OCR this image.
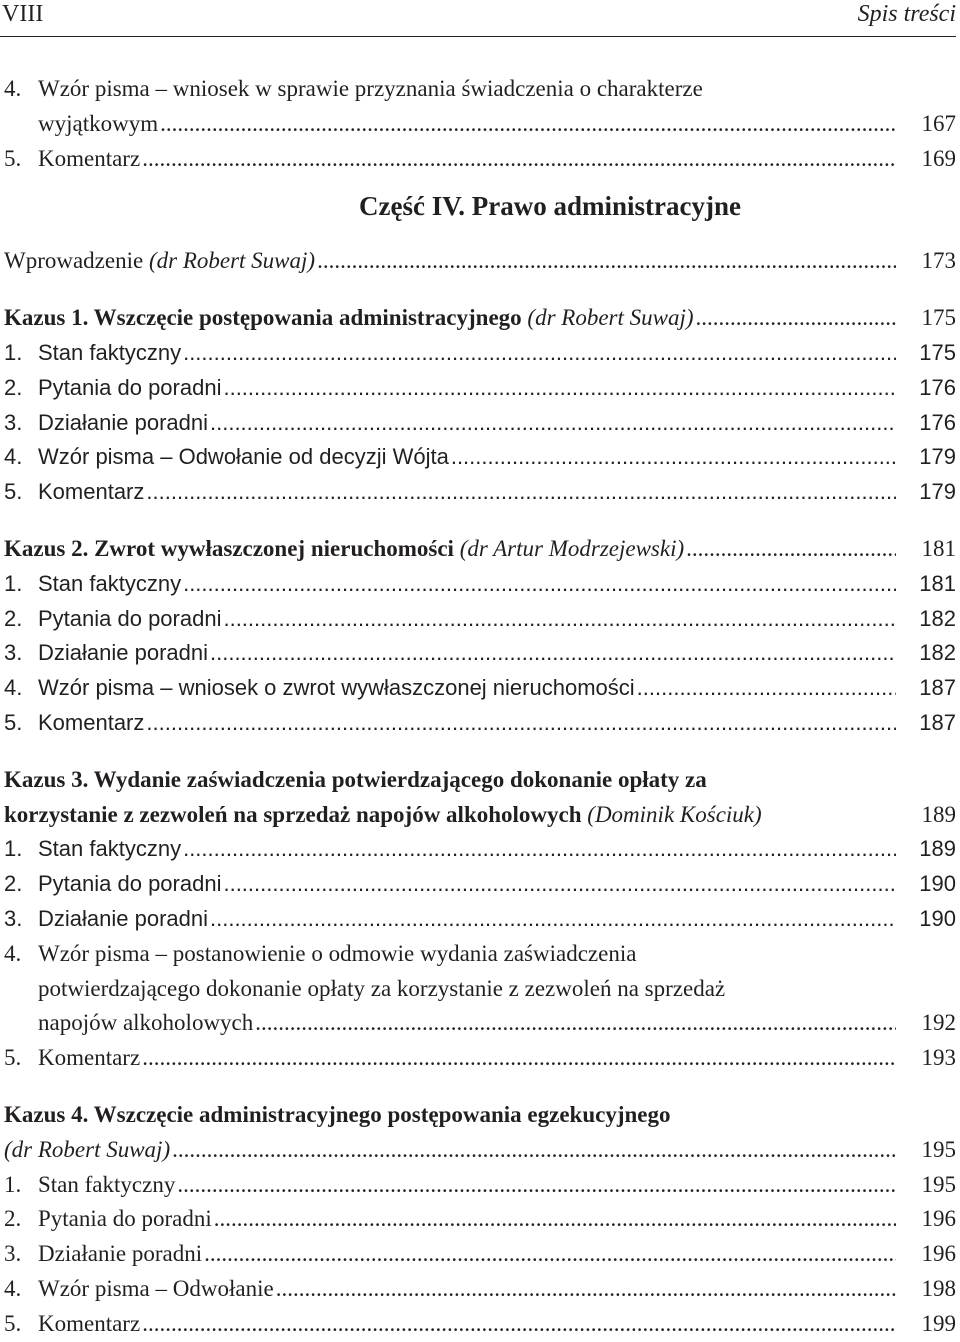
VIII	Spis treści
4. Wzór pisma – wniosek w sprawie przyznania świadczenia o charakterze
wyjątkowym .....	167
5. Komentarz .....	169
Część IV. Prawo administracyjne
Wprowadzenie (dr Robert Suwaj) .....	173
Kazus 1. Wszczęcie postępowania administracyjnego (dr Robert Suwaj) .....	175
1. Stan faktyczny .....	175
2. Pytania do poradni .....	176
3. Działanie poradni .....	176
4. Wzór pisma – Odwołanie od decyzji Wójta .....	179
5. Komentarz .....	179
Kazus 2. Zwrot wywłaszczonej nieruchomości (dr Artur Modrzejewski) .....	181
1. Stan faktyczny .....	181
2. Pytania do poradni .....	182
3. Działanie poradni .....	182
4. Wzór pisma – wniosek o zwrot wywłaszczonej nieruchomości .....	187
5. Komentarz .....	187
Kazus 3. Wydanie zaświadczenia potwierdzającego dokonanie opłaty za
korzystanie z zezwoleń na sprzedaż napojów alkoholowych (Dominik Kościuk)	189
1. Stan faktyczny .....	189
2. Pytania do poradni .....	190
3. Działanie poradni .....	190
4. Wzór pisma – postanowienie o odmowie wydania zaświadczenia
potwierdzającego dokonanie opłaty za korzystanie z zezwoleń na sprzedaż
napojów alkoholowych .....	192
5. Komentarz .....	193
Kazus 4. Wszczęcie administracyjnego postępowania egzekucyjnego
(dr Robert Suwaj) .....	195
1. Stan faktyczny .....	195
2. Pytania do poradni .....	196
3. Działanie poradni .....	196
4. Wzór pisma – Odwołanie .....	198
5. Komentarz .....	199
